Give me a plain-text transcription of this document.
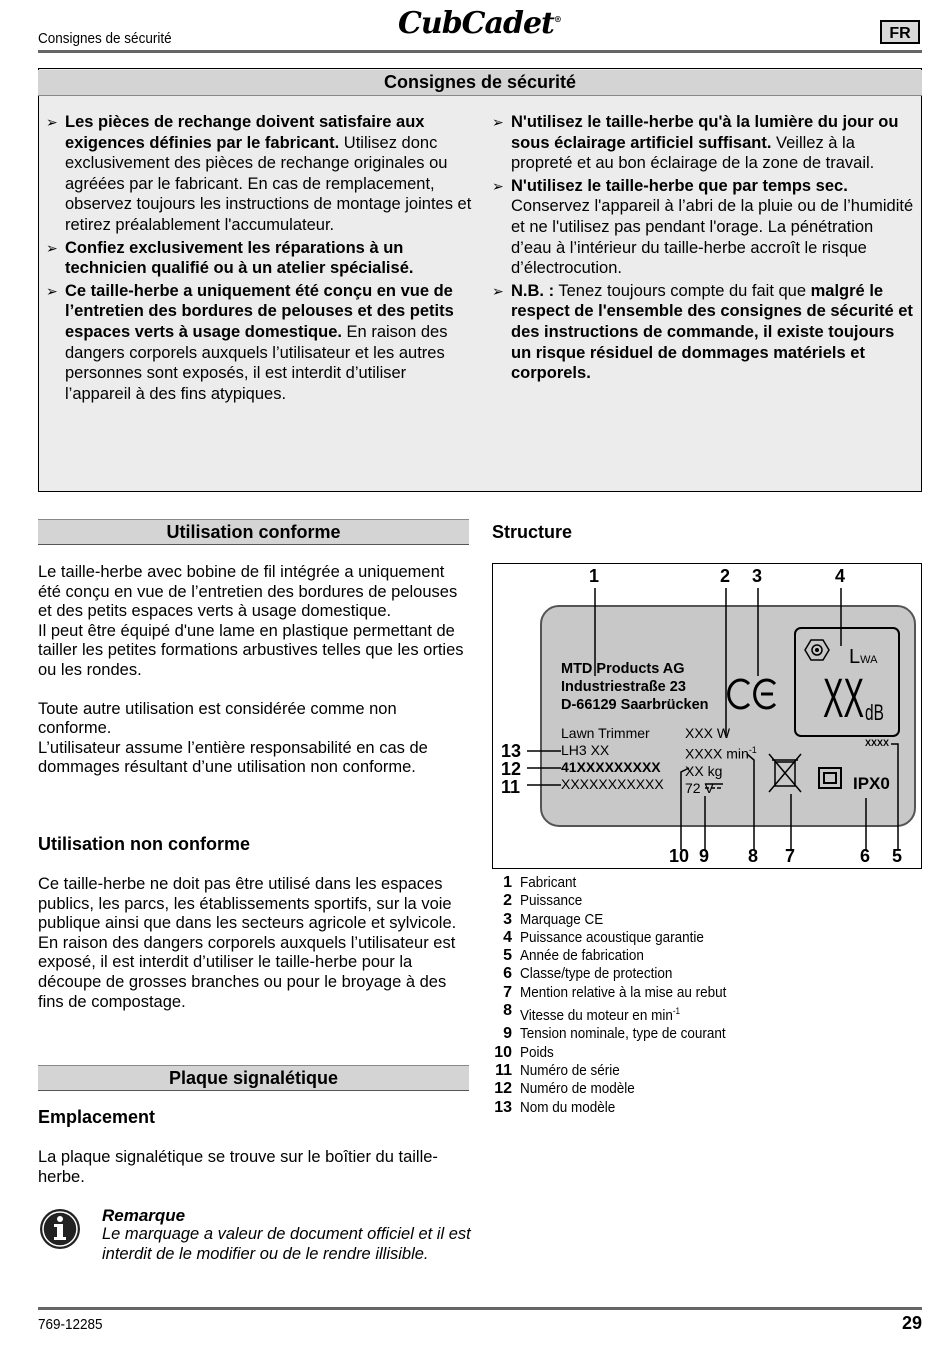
Consignes de sécurité	CubCadet®
FR
Consignes de sécurité

➢ Les pièces de rechange doivent satisfaire aux exigences définies par le fabricant. Utilisez donc exclusivement des pièces de rechange originales ou agréées par le fabricant. En cas de remplacement, observez toujours les instructions de montage jointes et retirez préalablement l'accumulateur.

➢ Confiez exclusivement les réparations à un technicien qualifié ou à un atelier spécialisé.

➢ Ce taille-herbe a uniquement été conçu en vue de l’entretien des bordures de pelouses et des petits espaces verts à usage domestique. En raison des dangers corporels auxquels l’utilisateur et les autres personnes sont exposés, il est interdit d’utiliser l’appareil à des fins atypiques.

➢ N'utilisez le taille-herbe qu'à la lumière du jour ou sous éclairage artificiel suffisant. Veillez à la propreté et au bon éclairage de la zone de travail.

➢ N'utilisez le taille-herbe que par temps sec. Conservez l'appareil à l’abri de la pluie ou de l’humidité et ne l'utilisez pas pendant l'orage. La pénétration d’eau à l’intérieur du taille-herbe accroît le risque d’électrocution.

➢ N.B. : Tenez toujours compte du fait que malgré le respect de l'ensemble des consignes de sécurité et des instructions de commande, il existe toujours un risque résiduel de dommages matériels et corporels.

Utilisation conforme
Le taille-herbe avec bobine de fil intégrée a uniquement été conçu en vue de l’entretien des bordures de pelouses et des petits espaces verts à usage domestique.
Il peut être équipé d'une lame en plastique permettant de tailler les petites formations arbustives telles que les orties ou les rondes.
Toute autre utilisation est considérée comme non conforme.
L’utilisateur assume l’entière responsabilité en cas de dommages résultant d’une utilisation non conforme.
Utilisation non conforme
Ce taille-herbe ne doit pas être utilisé dans les espaces publics, les parcs, les établissements sportifs, sur la voie publique ainsi que dans les secteurs agricole et sylvicole.
En raison des dangers corporels auxquels l’utilisateur est exposé, il est interdit d’utiliser le taille-herbe pour la découpe de grosses branches ou pour le broyage à des fins de compostage.
Plaque signalétique
Emplacement
La plaque signalétique se trouve sur le boîtier du taille-herbe.
Remarque
Le marquage a valeur de document officiel et il est interdit de le modifier ou de le rendre illisible.
Structure
MTD Products AG
Industriestraße 23
D-66129 Saarbrücken
LWA
XX dB
XXXX
Lawn Trimmer
LH3 XX
41XXXXXXXXX
XXXXXXXXXXX
XXX W
XXXX $\min^{-1}$
XX kg
72 V	IPX0
1	2 3	4
5
6
7
8
9
10
11
12
13
1 Fabricant
2 Puissance
3 Marquage CE
4 Puissance acoustique garantie
5 Année de fabrication
6 Classe/type de protection
7 Mention relative à la mise au rebut
8 Vitesse du moteur en $\min^{-1}$
9 Tension nominale, type de courant
10 Poids
11 Numéro de série
12 Numéro de modèle
13 Nom du modèle
769-12285	29
